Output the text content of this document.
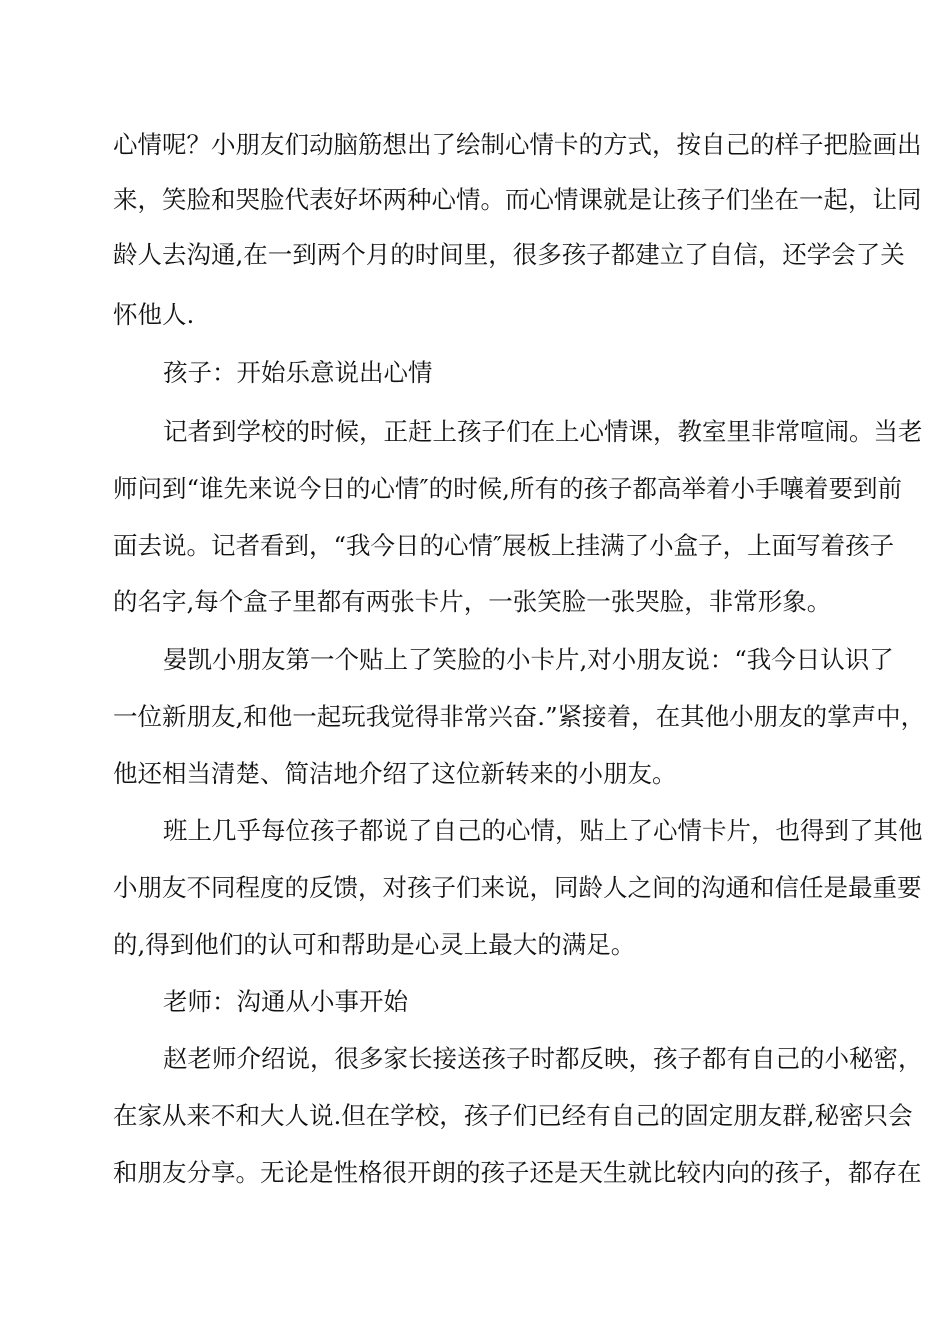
心情呢？小朋友们动脑筋想出了绘制心情卡的方式，按自己的样子把脸画出
来，笑脸和哭脸代表好坏两种心情。而心情课就是让孩子们坐在一起，让同
龄人去沟通,在一到两个月的时间里，很多孩子都建立了自信，还学会了关
怀他人.
孩子：开始乐意说出心情
记者到学校的时候，正赶上孩子们在上心情课，教室里非常喧闹。当老
师问到“谁先来说今日的心情″的时候,所有的孩子都高举着小手嚷着要到前
面去说。记者看到，“我今日的心情″展板上挂满了小盒子，上面写着孩子
的名字,每个盒子里都有两张卡片，一张笑脸一张哭脸，非常形象。
晏凯小朋友第一个贴上了笑脸的小卡片,对小朋友说：“我今日认识了
一位新朋友,和他一起玩我觉得非常兴奋.”紧接着，在其他小朋友的掌声中，
他还相当清楚、简洁地介绍了这位新转来的小朋友。
班上几乎每位孩子都说了自己的心情，贴上了心情卡片，也得到了其他
小朋友不同程度的反馈，对孩子们来说，同龄人之间的沟通和信任是最重要
的,得到他们的认可和帮助是心灵上最大的满足。
老师：沟通从小事开始
赵老师介绍说，很多家长接送孩子时都反映，孩子都有自己的小秘密，
在家从来不和大人说.但在学校，孩子们已经有自己的固定朋友群,秘密只会
和朋友分享。无论是性格很开朗的孩子还是天生就比较内向的孩子，都存在
